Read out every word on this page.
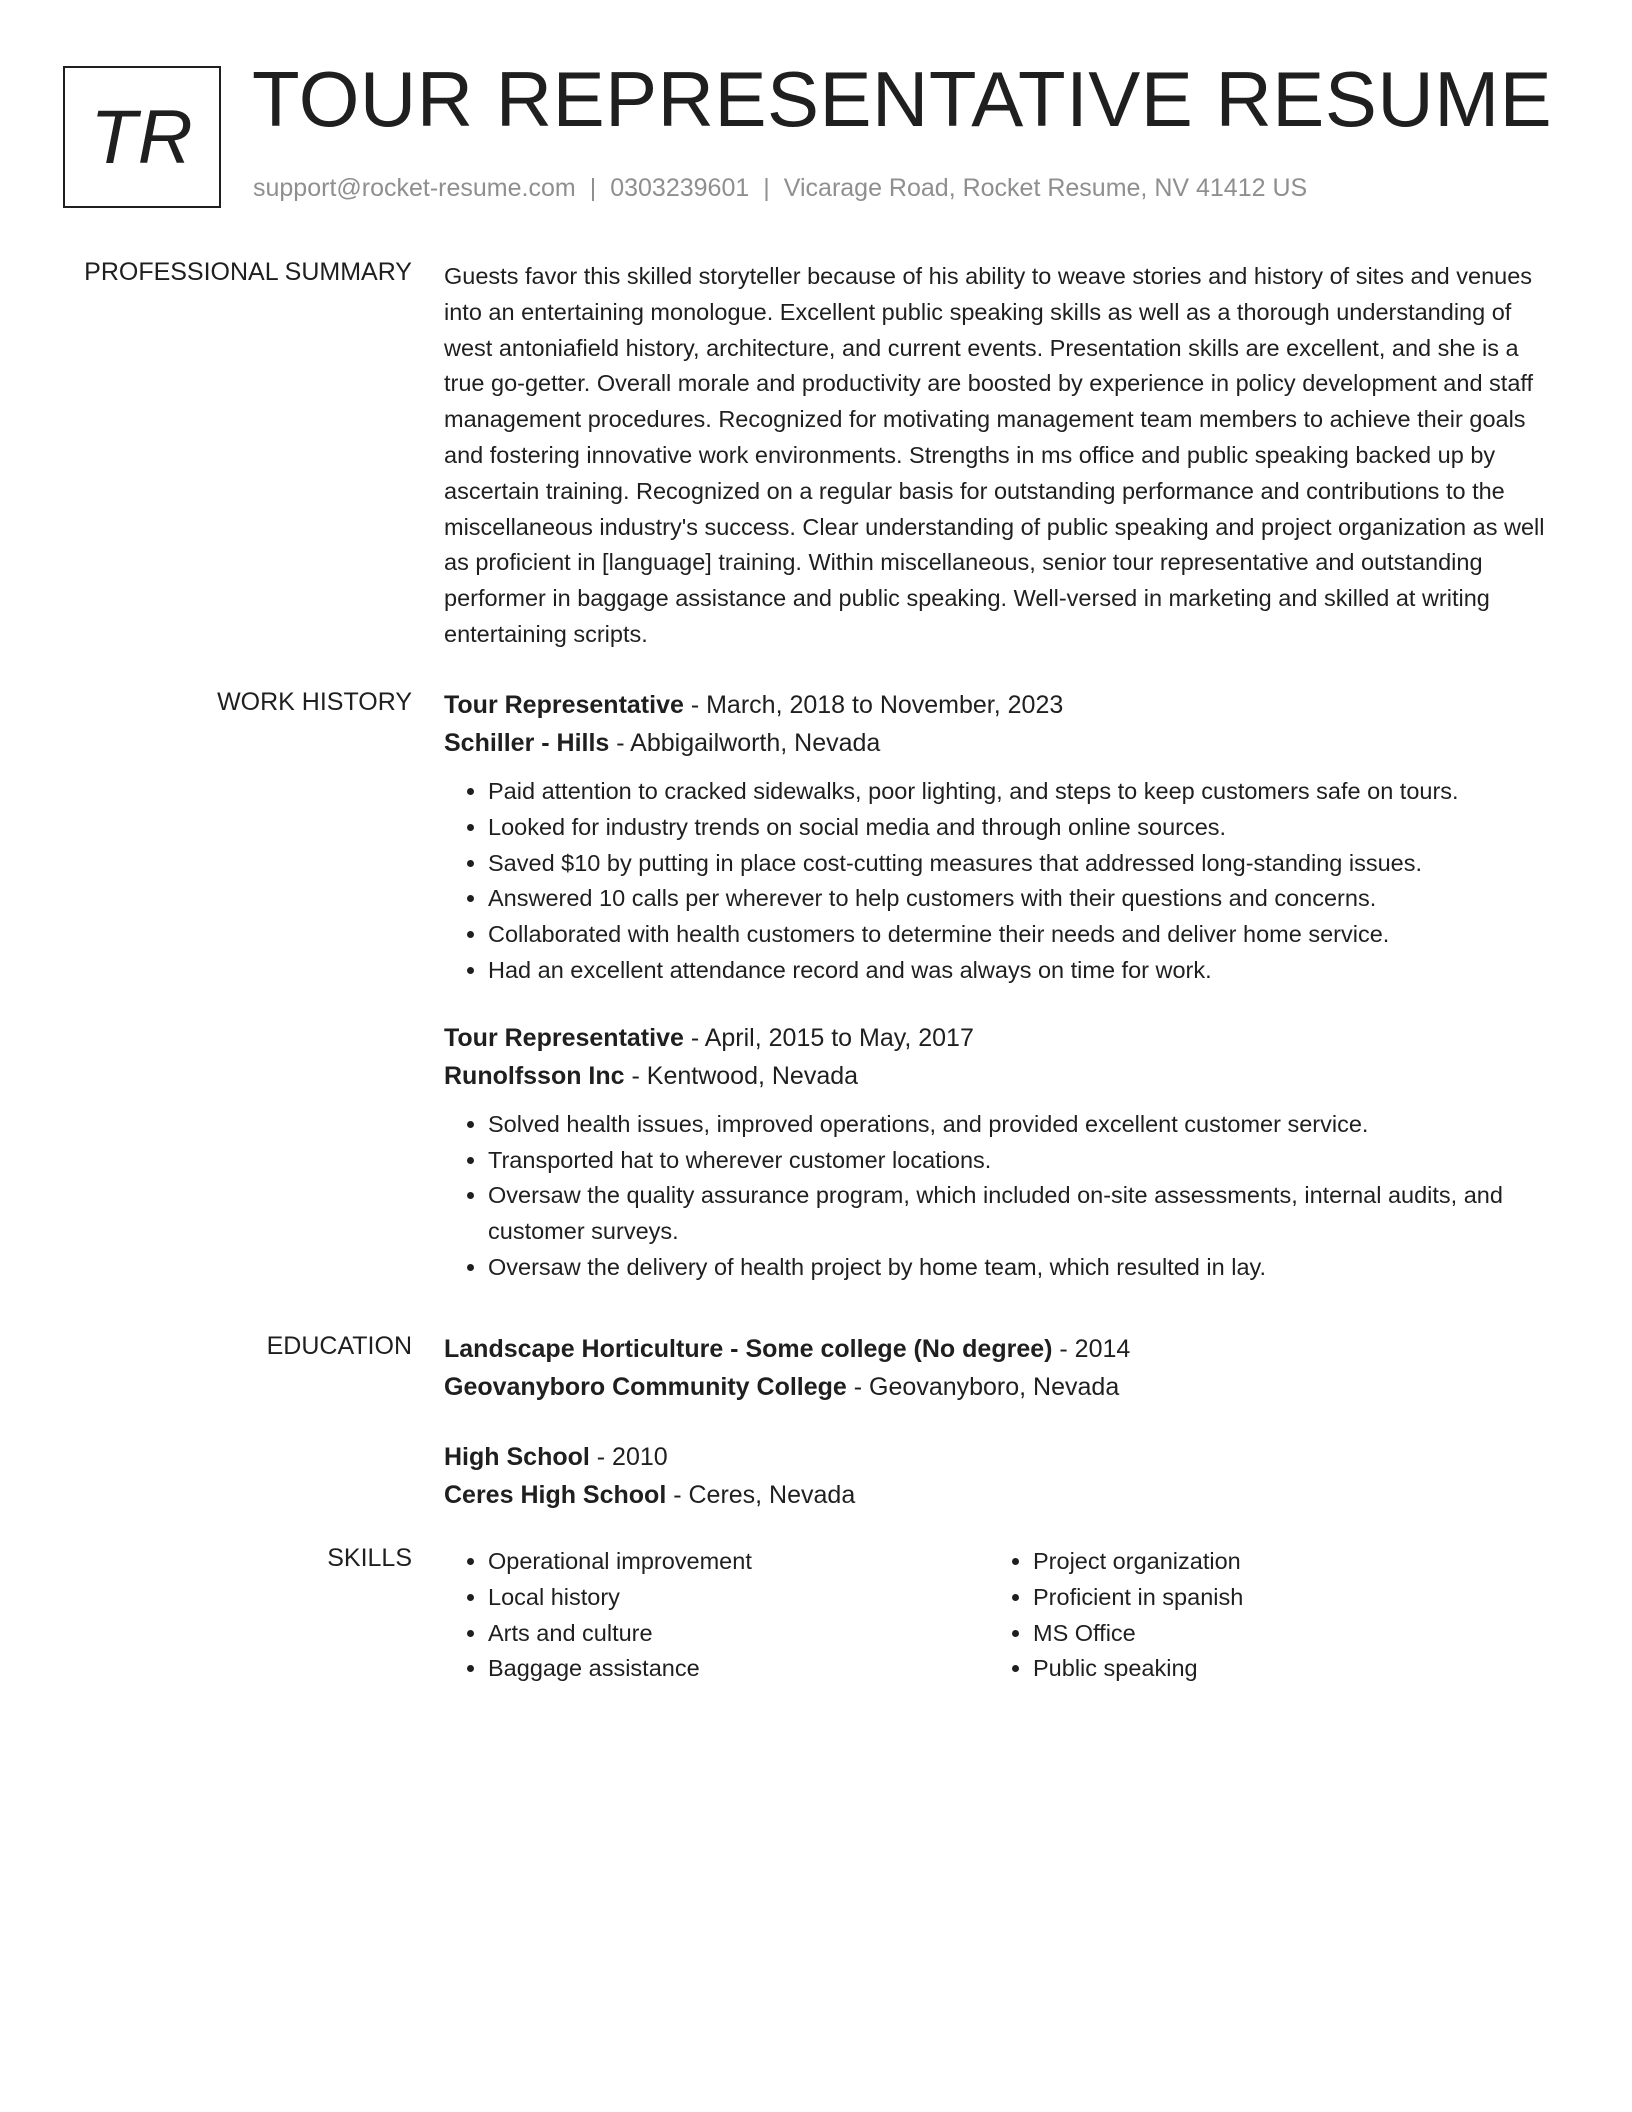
TR TOUR REPRESENTATIVE RESUME
support@rocket-resume.com | 0303239601 | Vicarage Road, Rocket Resume, NV 41412 US
PROFESSIONAL SUMMARY Guests favor this skilled storyteller because of his ability to weave stories and history of sites and venues into an entertaining monologue. Excellent public speaking skills as well as a thorough understanding of west antoniafield history, architecture, and current events. Presentation skills are excellent, and she is a true go-getter. Overall morale and productivity are boosted by experience in policy development and staff management procedures. Recognized for motivating management team members to achieve their goals and fostering innovative work environments. Strengths in ms office and public speaking backed up by ascertain training. Recognized on a regular basis for outstanding performance and contributions to the miscellaneous industry's success. Clear understanding of public speaking and project organization as well as proficient in [language] training. Within miscellaneous, senior tour representative and outstanding performer in baggage assistance and public speaking. Well-versed in marketing and skilled at writing entertaining scripts.

WORK HISTORY Tour Representative - March, 2018 to November, 2023

Schiller - Hills - Abbigailworth, Nevada

• Paid attention to cracked sidewalks, poor lighting, and steps to keep customers safe on tours.
• Looked for industry trends on social media and through online sources.
• Saved $10 by putting in place cost-cutting measures that addressed long-standing issues.
• Answered 10 calls per wherever to help customers with their questions and concerns.
• Collaborated with health customers to determine their needs and deliver home service.
• Had an excellent attendance record and was always on time for work.

Tour Representative - April, 2015 to May, 2017

Runolfsson Inc - Kentwood, Nevada

• Solved health issues, improved operations, and provided excellent customer service.
• Transported hat to wherever customer locations.
• Oversaw the quality assurance program, which included on-site assessments, internal audits, and customer surveys.
• Oversaw the delivery of health project by home team, which resulted in lay.
EDUCATION Landscape Horticulture - Some college (No degree) - 2014

Geovanyboro Community College - Geovanyboro, Nevada

High School - 2010

Ceres High School - Ceres, Nevada

SKILLS
•	Operational improvement
• Local history
• Arts and culture
• Baggage assistance
• Project organization
• Proficient in spanish
• MS Office
• Public speaking
